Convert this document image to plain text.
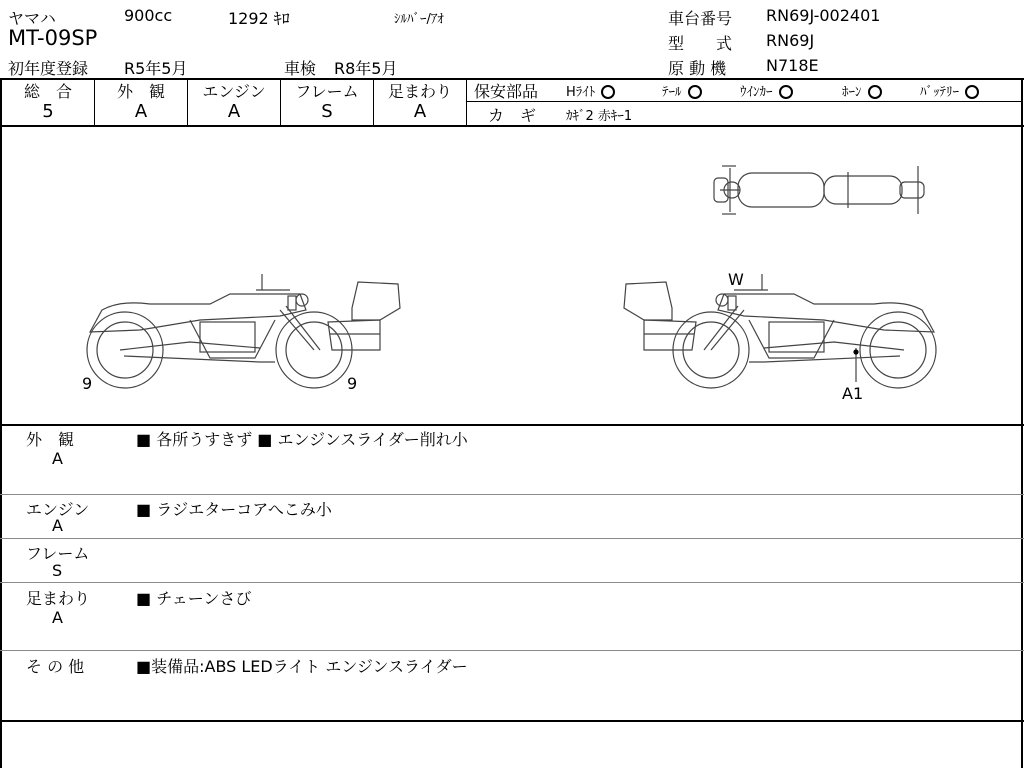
ヤマハ	900cc	1292 ｷﾛ	ｼﾙﾊﾞｰ/ｱｵ
MT-09SP
初年度登録 R5年5月	車検 R8年5月
車台番号 RN69J-002401
型　　式 RN69J
原 動 機 N718E
総　合	外　観	エンジン	フレーム	足まわり
5	A	A	S	A
保安部品 Hﾗｲﾄ	ﾃｰﾙ	ｳｲﾝｶｰ	ﾎｰﾝ	ﾊﾞｯﾃﾘｰ
カ　ギ ｶｷﾞ2 赤ｷｰ1
9	9
W
A1
外　観
A
■ 各所うすきず ■ エンジンスライダー削れ小
エンジン
A
■ ラジエターコアへこみ小
フレーム
S
足まわり
A
■ チェーンさび
そ の 他	■装備品:ABS LEDライト エンジンスライダー
